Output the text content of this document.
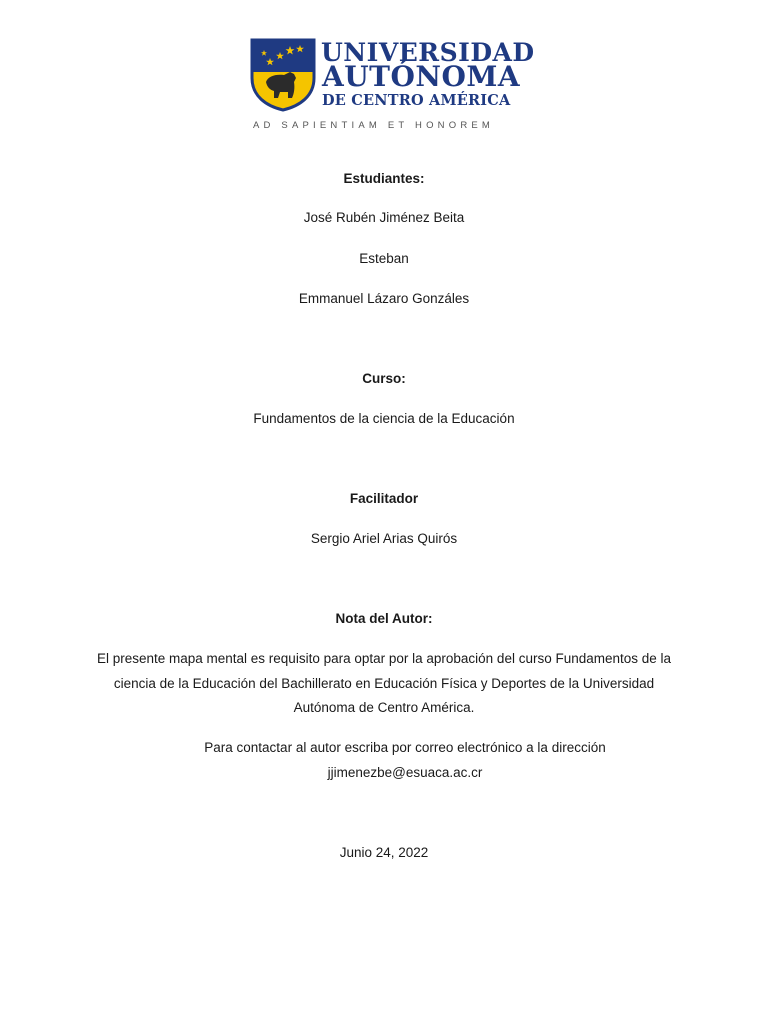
UNIVERSIDAD
AUTÓNOMA
DE CENTRO AMÉRICA
AD SAPIENTIAM ET HONOREM
Estudiantes:
José Rubén Jiménez Beita
Esteban
Emmanuel Lázaro Gonzáles
Curso:
Fundamentos de la ciencia de la Educación
Facilitador
Sergio Ariel Arias Quirós
Nota del Autor:
El presente mapa mental es requisito para optar por la aprobación del curso Fundamentos de la ciencia de la Educación del Bachillerato en Educación Física y Deportes de la Universidad Autónoma de Centro América.
Para contactar al autor escriba por correo electrónico a la dirección jjimenezbe@esuaca.ac.cr
Junio 24, 2022
